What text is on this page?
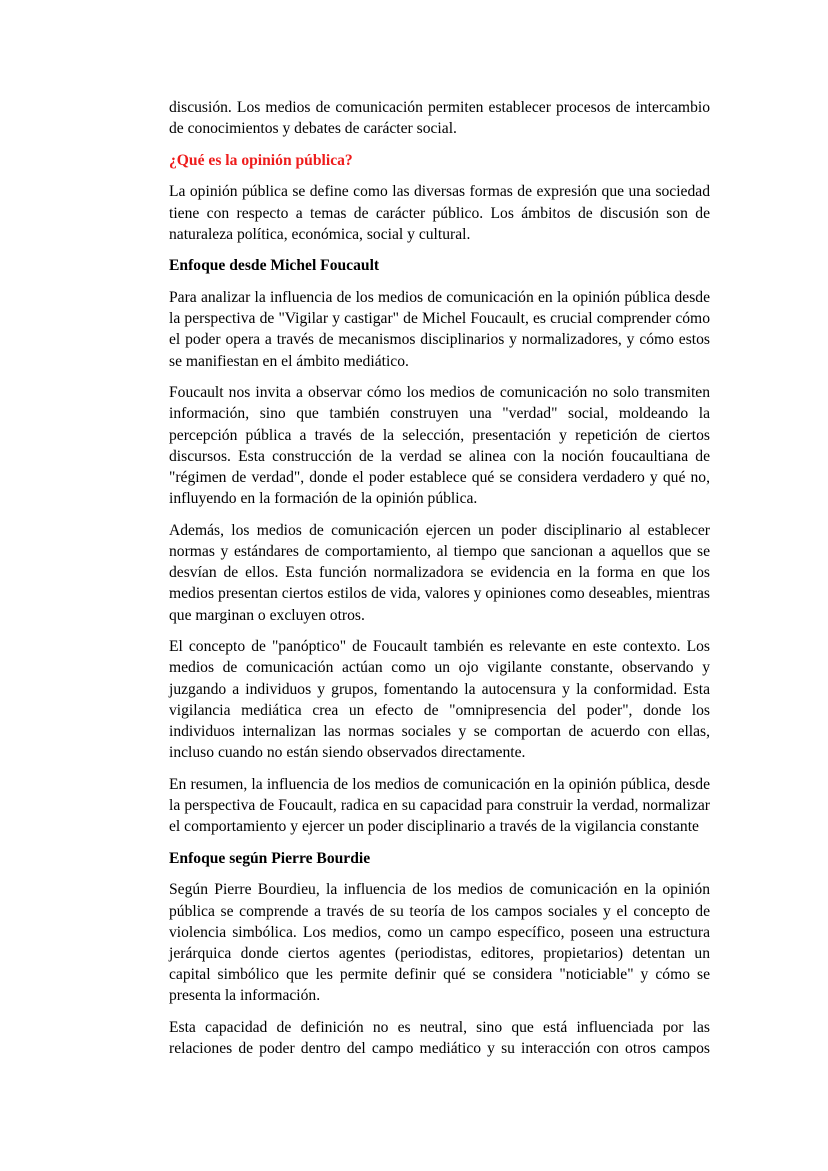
discusión. Los medios de comunicación permiten establecer procesos de intercambio de conocimientos y debates de carácter social.

¿Qué es la opinión pública?

La opinión pública se define como las diversas formas de expresión que una sociedad tiene con respecto a temas de carácter público. Los ámbitos de discusión son de naturaleza política, económica, social y cultural.

Enfoque desde Michel Foucault

Para analizar la influencia de los medios de comunicación en la opinión pública desde la perspectiva de "Vigilar y castigar" de Michel Foucault, es crucial comprender cómo el poder opera a través de mecanismos disciplinarios y normalizadores, y cómo estos se manifiestan en el ámbito mediático.

Foucault nos invita a observar cómo los medios de comunicación no solo transmiten información, sino que también construyen una "verdad" social, moldeando la percepción pública a través de la selección, presentación y repetición de ciertos discursos. Esta construcción de la verdad se alinea con la noción foucaultiana de "régimen de verdad", donde el poder establece qué se considera verdadero y qué no, influyendo en la formación de la opinión pública.

Además, los medios de comunicación ejercen un poder disciplinario al establecer normas y estándares de comportamiento, al tiempo que sancionan a aquellos que se desvían de ellos. Esta función normalizadora se evidencia en la forma en que los medios presentan ciertos estilos de vida, valores y opiniones como deseables, mientras que marginan o excluyen otros.

El concepto de "panóptico" de Foucault también es relevante en este contexto. Los medios de comunicación actúan como un ojo vigilante constante, observando y juzgando a individuos y grupos, fomentando la autocensura y la conformidad. Esta vigilancia mediática crea un efecto de "omnipresencia del poder", donde los individuos internalizan las normas sociales y se comportan de acuerdo con ellas, incluso cuando no están siendo observados directamente.

En resumen, la influencia de los medios de comunicación en la opinión pública, desde la perspectiva de Foucault, radica en su capacidad para construir la verdad, normalizar el comportamiento y ejercer un poder disciplinario a través de la vigilancia constante

Enfoque según Pierre Bourdie

Según Pierre Bourdieu, la influencia de los medios de comunicación en la opinión pública se comprende a través de su teoría de los campos sociales y el concepto de violencia simbólica. Los medios, como un campo específico, poseen una estructura jerárquica donde ciertos agentes (periodistas, editores, propietarios) detentan un capital simbólico que les permite definir qué se considera "noticiable" y cómo se presenta la información.

Esta capacidad de definición no es neutral, sino que está influenciada por las relaciones de poder dentro del campo mediático y su interacción con otros campos
